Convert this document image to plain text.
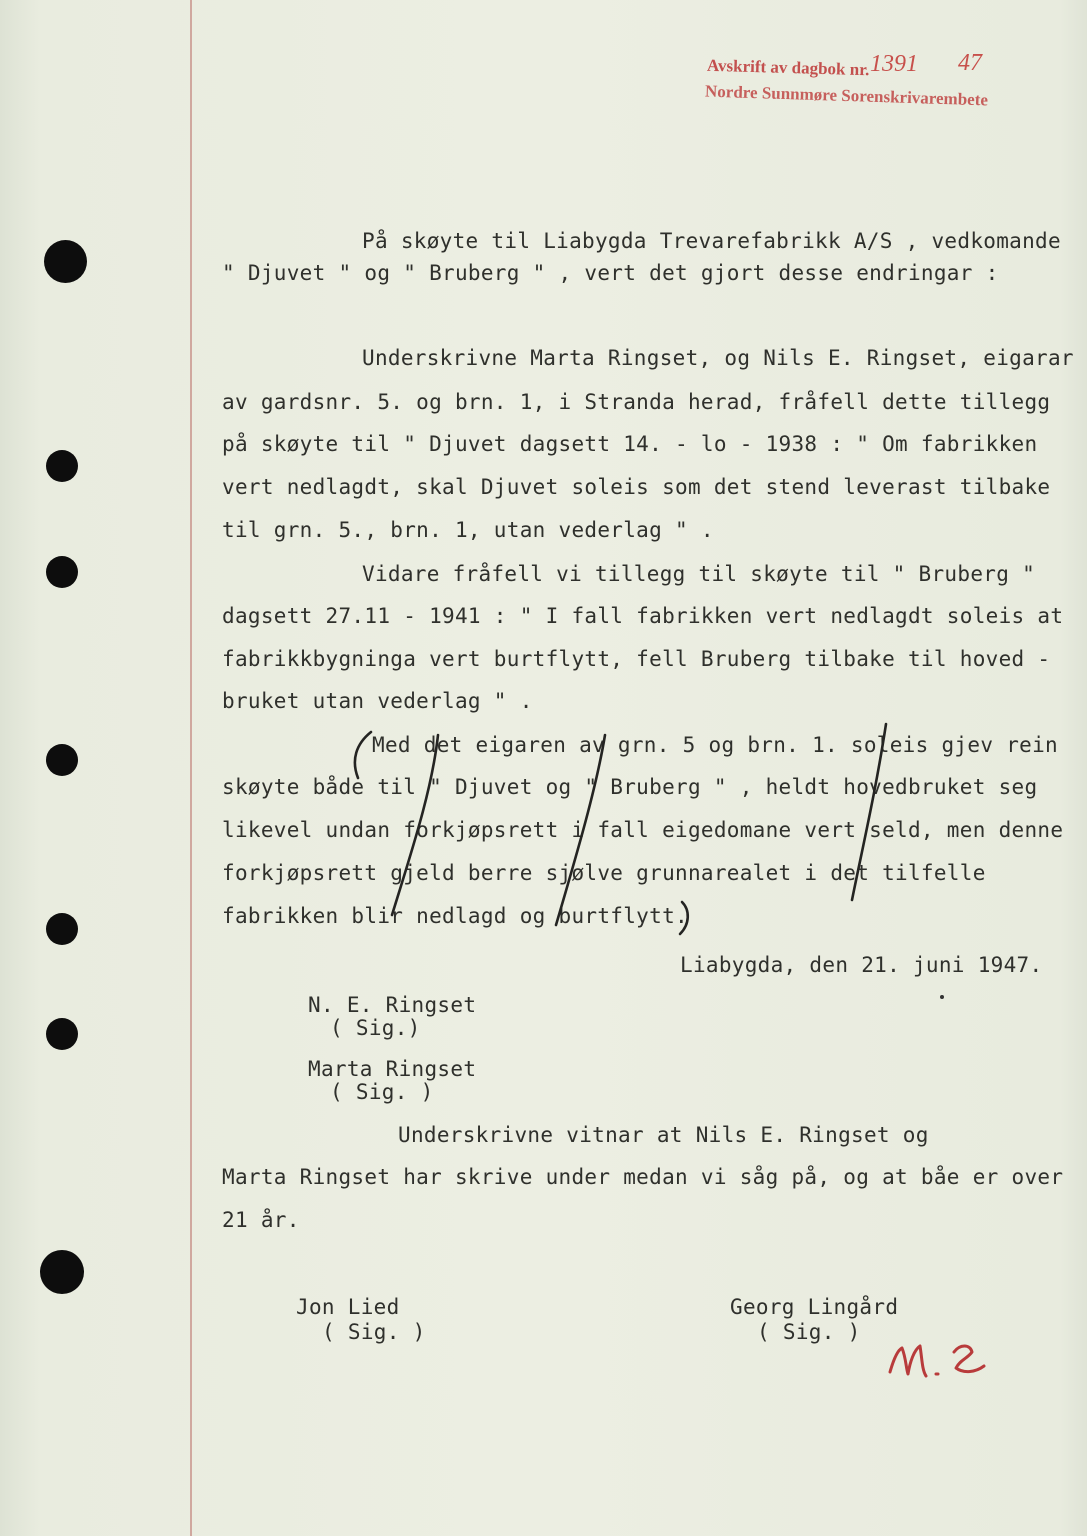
Avskrift av dagbok nr. 1391 47
Nordre Sunnmøre Sorenskrivarembete
På skøyte til Liabygda Trevarefabrikk A/S , vedkomande
" Djuvet " og " Bruberg " , vert det gjort desse endringar :
Underskrivne Marta Ringset, og Nils E. Ringset, eigarar
av gardsnr. 5. og brn. 1, i Stranda herad, fråfell dette tillegg
på skøyte til " Djuvet dagsett 14. - lo - 1938 : " Om fabrikken
vert nedlagdt, skal Djuvet soleis som det stend leverast tilbake
til grn. 5., brn. 1, utan vederlag " .
Vidare fråfell vi tillegg til skøyte til " Bruberg "
dagsett 27.11 - 1941 : " I fall fabrikken vert nedlagdt soleis at
fabrikkbygninga vert burtflytt, fell Bruberg tilbake til hoved -
bruket utan vederlag " .
Med det eigaren av grn. 5 og brn. 1. soleis gjev rein
skøyte både til " Djuvet og " Bruberg " , heldt hovedbruket seg
likevel undan forkjøpsrett i fall eigedomane vert seld, men denne
forkjøpsrett gjeld berre sjølve grunnarealet i det tilfelle
fabrikken blir nedlagd og burtflytt.
Liabygda, den 21. juni 1947.
N. E. Ringset
( Sig.)
Marta Ringset
( Sig. )
Underskrivne vitnar at Nils E. Ringset og
Marta Ringset har skrive under medan vi såg på, og at båe er over
21 år.
Jon Lied
( Sig. )
Georg Lingård
( Sig. )
